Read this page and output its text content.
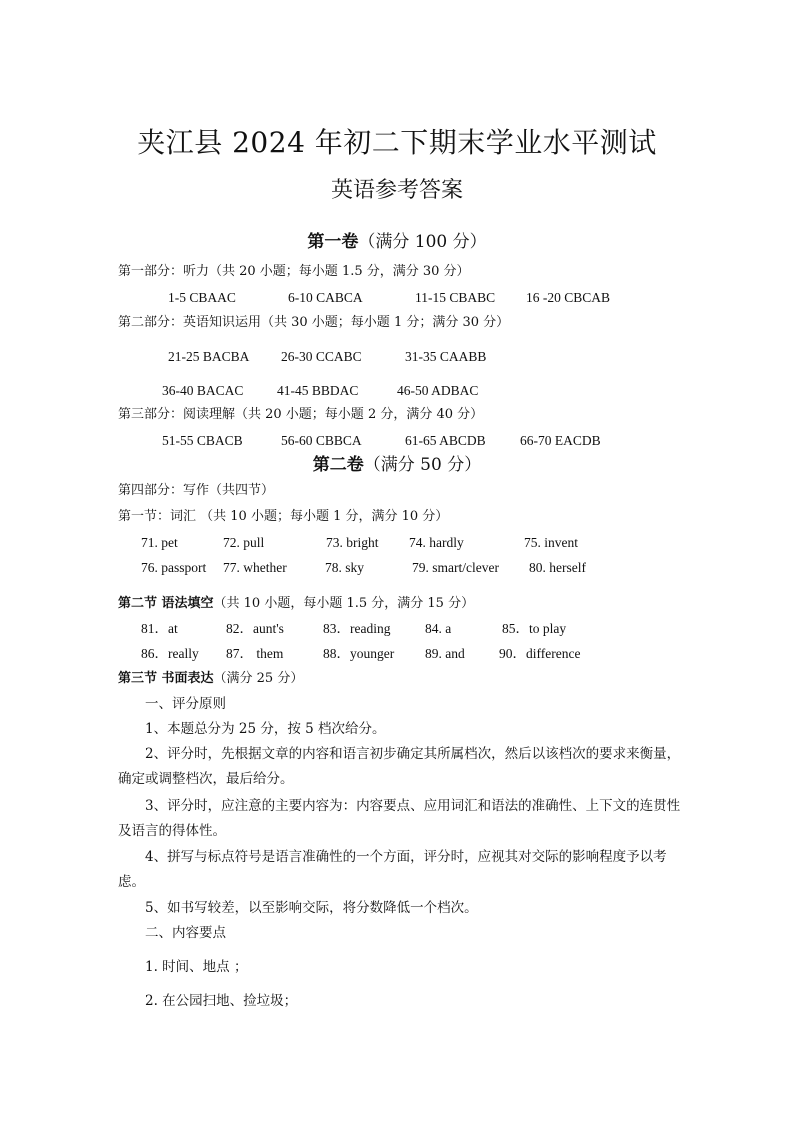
夹江县 2024 年初二下期末学业水平测试
英语参考答案
第一卷（满分 100 分）
第一部分：听力（共 20 小题；每小题 1.5 分，满分 30 分）
1-5 CBAAC	6-10 CABCA	11-15 CBABC 16 -20 CBCAB
第二部分：英语知识运用（共 30 小题；每小题 1 分；满分 30 分）
21-25 BACBA 26-30 CCABC	31-35 CAABB
36-40 BACAC 41-45 BBDAC	46-50 ADBAC
第三部分：阅读理解（共 20 小题；每小题 2 分，满分 40 分）
51-55 CBACB	56-60 CBBCA	61-65 ABCDB	66-70 EACDB
第二卷（满分 50 分）
第四部分：写作（共四节）
第一节：词汇 （共 10 小题；每小题 1 分，满分 10 分）
71. pet	72. pull	73. bright 74. hardly	75. invent
76. passport 77. whether	78. sky	79. smart/clever 80. herself
第二节 语法填空（共 10 小题，每小题 1.5 分，满分 15 分）
81．at	82．aunt's	83．reading	84. a	85．to play
86．really 87． them	88．younger 89. and	90．difference
第三节 书面表达（满分 25 分）
一、评分原则
1、本题总分为 25 分，按 5 档次给分。
2、评分时，先根据文章的内容和语言初步确定其所属档次，然后以该档次的要求来衡量，确定或调整档次，最后给分。
3、评分时，应注意的主要内容为：内容要点、应用词汇和语法的准确性、上下文的连贯性及语言的得体性。
4、拼写与标点符号是语言准确性的一个方面，评分时，应视其对交际的影响程度予以考虑。
5、如书写较差，以至影响交际，将分数降低一个档次。
二、内容要点
1. 时间、地点 ；
2. 在公园扫地、捡垃圾；
